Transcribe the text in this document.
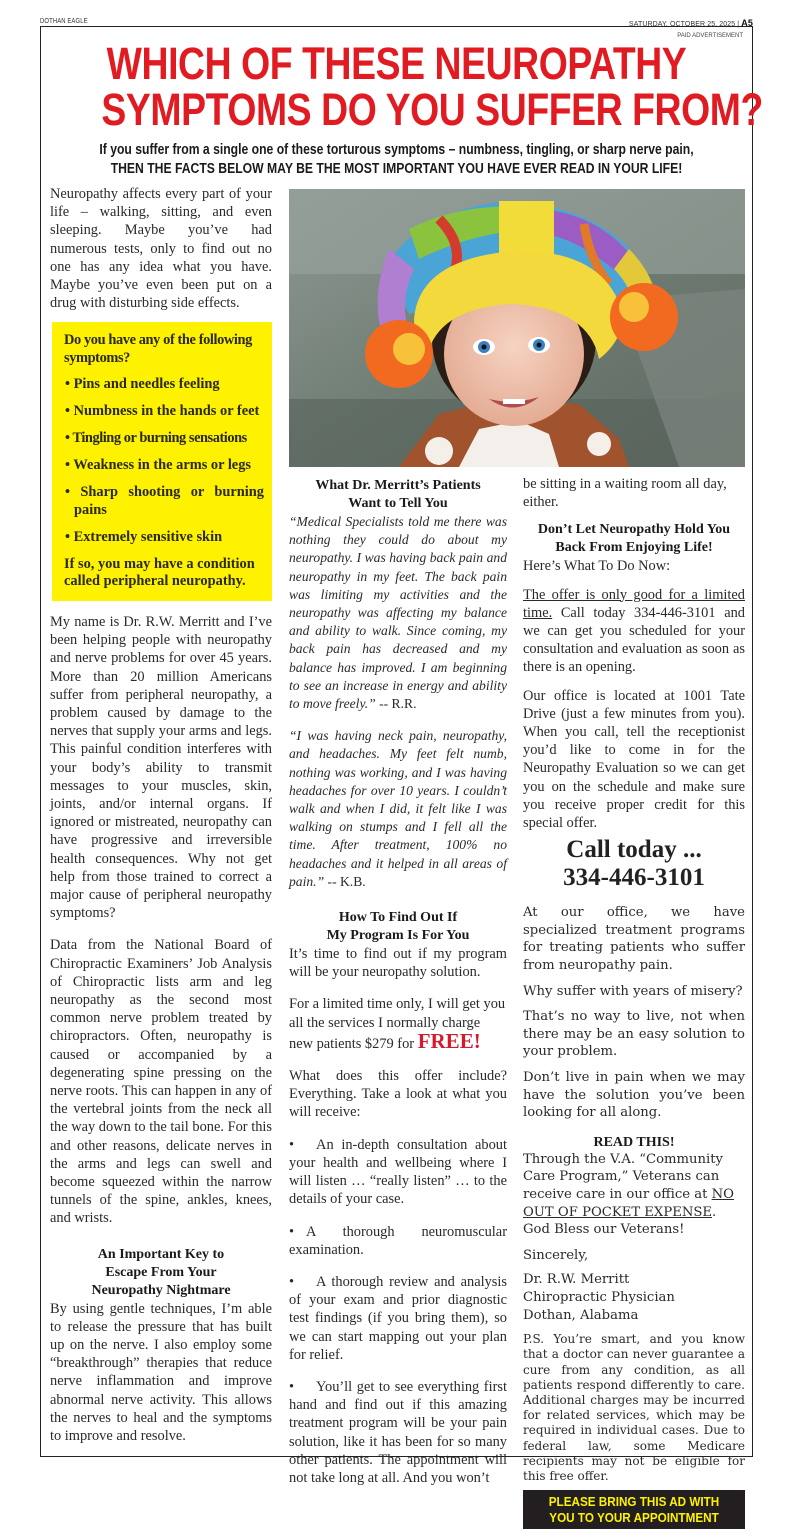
DOTHAN EAGLE	SATURDAY, OCTOBER 25, 2025 | A5
PAID ADVERTISEMENT
WHICH OF THESE NEUROPATHY
SYMPTOMS DO YOU SUFFER FROM?
If you suffer from a single one of these torturous symptoms – numbness, tingling, or sharp nerve pain,
THEN THE FACTS BELOW MAY BE THE MOST IMPORTANT YOU HAVE EVER READ IN YOUR LIFE!

Neuropathy affects every part of your life – walking, sitting, and even sleeping. Maybe you’ve had numerous tests, only to find out no one has any idea what you have. Maybe you’ve even been put on a drug with disturbing side effects.

Do you have any of the following symptoms?

• Pins and needles feeling
• Numbness in the hands or feet
• Tingling or burning sensations
• Weakness in the arms or legs
• Sharp shooting or burning pains
• Extremely sensitive skin

If so, you may have a condition called peripheral neuropathy.

My name is Dr. R.W. Merritt and I’ve been helping people with neuropathy and nerve problems for over 45 years. More than 20 million Americans suffer from peripheral neuropathy, a problem caused by damage to the nerves that supply your arms and legs. This painful condition interferes with your body’s ability to transmit messages to your muscles, skin, joints, and/or internal organs. If ignored or mistreated, neuropathy can have progressive and irreversible health consequences. Why not get help from those trained to correct a major cause of peripheral neuropathy symptoms?

Data from the National Board of Chiropractic Examiners’ Job Analysis of Chiropractic lists arm and leg neuropathy as the second most common nerve problem treated by chiropractors. Often, neuropathy is caused or accompanied by a degenerating spine pressing on the nerve roots. This can happen in any of the vertebral joints from the neck all the way down to the tail bone. For this and other reasons, delicate nerves in the arms and legs can swell and become squeezed within the narrow tunnels of the spine, ankles, knees, and wrists.

An Important Key to
Escape From Your
Neuropathy Nightmare

By using gentle techniques, I’m able to release the pressure that has built up on the nerve. I also employ some “breakthrough” therapies that reduce nerve inflammation and improve abnormal nerve activity. This allows the nerves to heal and the symptoms to improve and resolve.

What Dr. Merritt’s Patients
Want to Tell You

“Medical Specialists told me there was nothing they could do about my neuropathy. I was having back pain and neuropathy in my feet. The back pain was limiting my activities and the neuropathy was affecting my balance and ability to walk. Since coming, my back pain has decreased and my balance has improved. I am beginning to see an increase in energy and ability to move freely.” -- R.R.

“I was having neck pain, neuropathy, and headaches. My feet felt numb, nothing was working, and I was having headaches for over 10 years. I couldn’t walk and when I did, it felt like I was walking on stumps and I fell all the time. After treatment, 100% no headaches and it helped in all areas of pain.” -- K.B.

How To Find Out If
My Program Is For You

It’s time to find out if my program will be your neuropathy solution.

For a limited time only, I will get you all the services I normally charge new patients $279 for FREE!

What does this offer include? Everything. Take a look at what you will receive:

• An in-depth consultation about your health and wellbeing where I will listen … “really listen” … to the details of your case.

• A thorough neuromuscular examination.

• A thorough review and analysis of your exam and prior diagnostic test findings (if you bring them), so we can start mapping out your plan for relief.

• You’ll get to see everything first hand and find out if this amazing treatment program will be your pain solution, like it has been for so many other patients. The appointment will not take long at all. And you won’t

be sitting in a waiting room all day, either.

Don’t Let Neuropathy Hold You
Back From Enjoying Life!

Here’s What To Do Now:

The offer is only good for a limited time. Call today 334-446-3101 and we can get you scheduled for your consultation and evaluation as soon as there is an opening.

Our office is located at 1001 Tate Drive (just a few minutes from you). When you call, tell the receptionist you’d like to come in for the Neuropathy Evaluation so we can get you on the schedule and make sure you receive proper credit for this special offer.

Call today ...
334-446-3101

At our office, we have specialized treatment programs for treating patients who suffer from neuropathy pain.

Why suffer with years of misery?

That’s no way to live, not when there may be an easy solution to your problem.

Don’t live in pain when we may have the solution you’ve been looking for all along.

READ THIS!

Through the V.A. “Community Care Program,” Veterans can receive care in our office at NO OUT OF POCKET EXPENSE. God Bless our Veterans!

Sincerely,

Dr. R.W. Merritt
Chiropractic Physician
Dothan, Alabama

P.S. You’re smart, and you know that a doctor can never guarantee a cure from any condition, as all patients respond differently to care. Additional charges may be incurred for related services, which may be required in individual cases. Due to federal law, some Medicare recipients may not be eligible for this free offer.

PLEASE BRING THIS AD WITH
YOU TO YOUR APPOINTMENT
